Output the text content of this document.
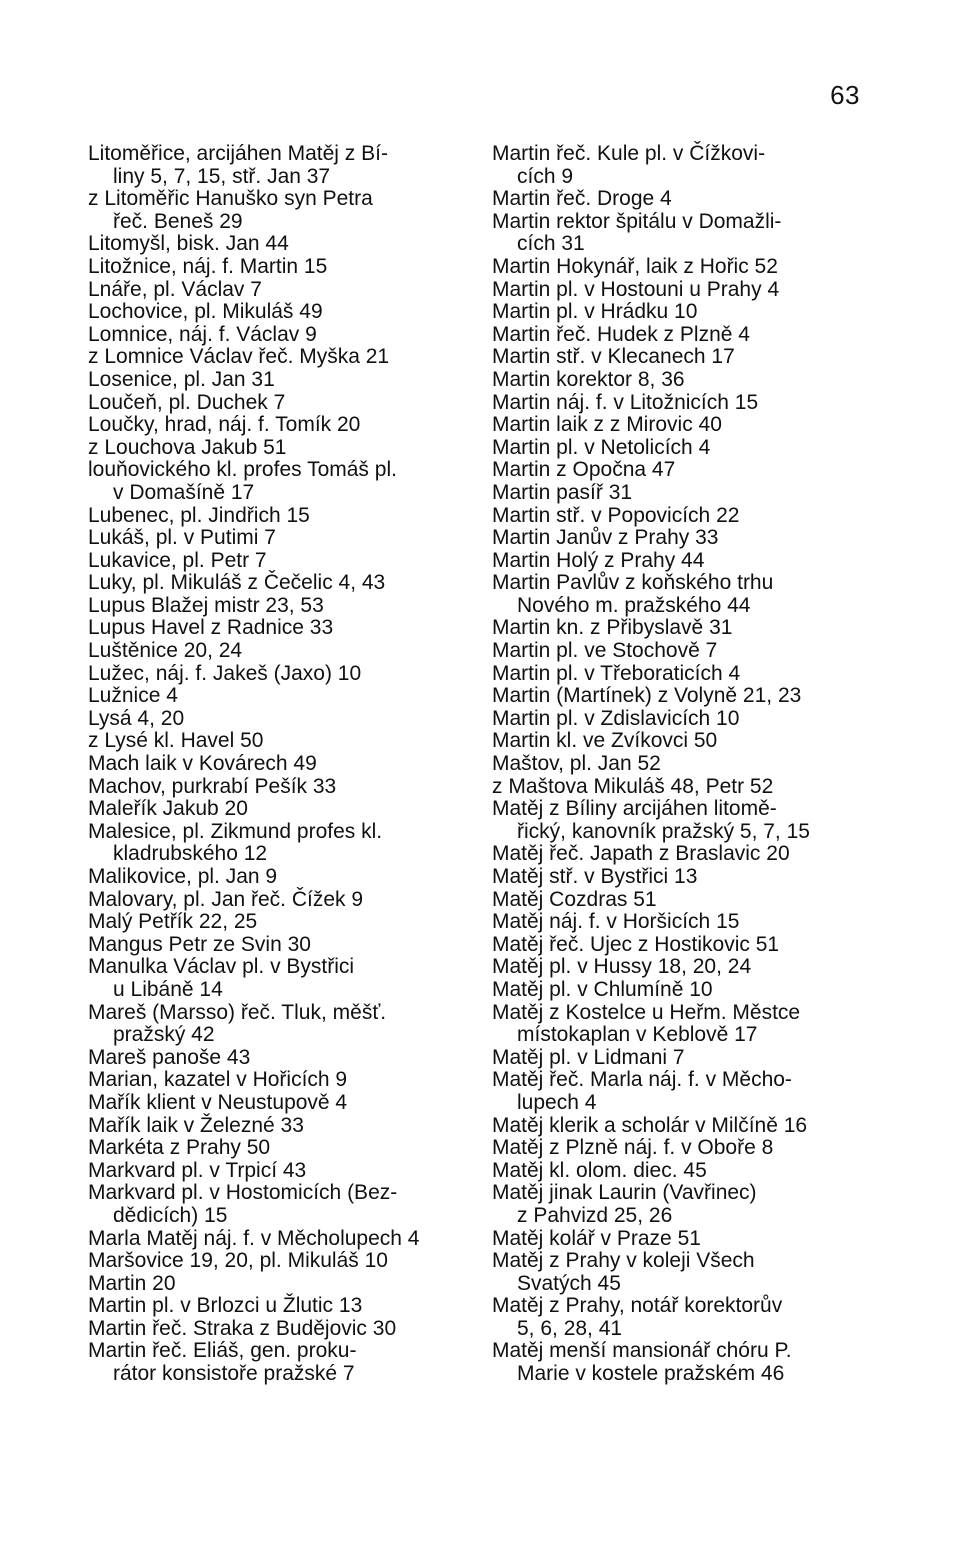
63
Litoměřice, arcijáhen Matěj z Bí-
liny 5, 7, 15, stř. Jan 37
z Litoměřic Hanuško syn Petra
řeč. Beneš 29
Litomyšl, bisk. Jan 44
Litožnice, náj. f. Martin 15
Lnáře, pl. Václav 7
Lochovice, pl. Mikuláš 49
Lomnice, náj. f. Václav 9
z Lomnice Václav řeč. Myška 21
Losenice, pl. Jan 31
Loučeň, pl. Duchek 7
Loučky, hrad, náj. f. Tomík 20
z Louchova Jakub 51
louňovického kl. profes Tomáš pl.
v Domašíně 17
Lubenec, pl. Jindřich 15
Lukáš, pl. v Putimi 7
Lukavice, pl. Petr 7
Luky, pl. Mikuláš z Čečelic 4, 43
Lupus Blažej mistr 23, 53
Lupus Havel z Radnice 33
Luštěnice 20, 24
Lužec, náj. f. Jakeš (Jaxo) 10
Lužnice 4
Lysá 4, 20
z Lysé kl. Havel 50
Mach laik v Kovárech 49
Machov, purkrabí Pešík 33
Maleřík Jakub 20
Malesice, pl. Zikmund profes kl.
kladrubského 12
Malikovice, pl. Jan 9
Malovary, pl. Jan řeč. Čížek 9
Malý Petřík 22, 25
Mangus Petr ze Svin 30
Manulka Václav pl. v Bystřici
u Libáně 14
Mareš (Marsso) řeč. Tluk, měšť.
pražský 42
Mareš panoše 43
Marian, kazatel v Hořicích 9
Mařík klient v Neustupově 4
Mařík laik v Železné 33
Markéta z Prahy 50
Markvard pl. v Trpicí 43
Markvard pl. v Hostomicích (Bez-
dědicích) 15
Marla Matěj náj. f. v Měcholupech 4
Maršovice 19, 20, pl. Mikuláš 10
Martin 20
Martin pl. v Brlozci u Žlutic 13
Martin řeč. Straka z Budějovic 30
Martin řeč. Eliáš, gen. proku-
rátor konsistoře pražské 7
Martin řeč. Kule pl. v Čížkovi-
cích 9
Martin řeč. Droge 4
Martin rektor špitálu v Domažli-
cích 31
Martin Hokynář, laik z Hořic 52
Martin pl. v Hostouni u Prahy 4
Martin pl. v Hrádku 10
Martin řeč. Hudek z Plzně 4
Martin stř. v Klecanech 17
Martin korektor 8, 36
Martin náj. f. v Litožnicích 15
Martin laik z z Mirovic 40
Martin pl. v Netolicích 4
Martin z Opočna 47
Martin pasíř 31
Martin stř. v Popovicích 22
Martin Janův z Prahy 33
Martin Holý z Prahy 44
Martin Pavlův z koňského trhu
Nového m. pražského 44
Martin kn. z Přibyslavě 31
Martin pl. ve Stochově 7
Martin pl. v Třeboraticích 4
Martin (Martínek) z Volyně 21, 23
Martin pl. v Zdislavicích 10
Martin kl. ve Zvíkovci 50
Maštov, pl. Jan 52
z Maštova Mikuláš 48, Petr 52
Matěj z Bíliny arcijáhen litomě-
řický, kanovník pražský 5, 7, 15
Matěj řeč. Japath z Braslavic 20
Matěj stř. v Bystřici 13
Matěj Cozdras 51
Matěj náj. f. v Horšicích 15
Matěj řeč. Ujec z Hostikovic 51
Matěj pl. v Hussy 18, 20, 24
Matěj pl. v Chlumíně 10
Matěj z Kostelce u Heřm. Městce
místokaplan v Keblově 17
Matěj pl. v Lidmani 7
Matěj řeč. Marla náj. f. v Měcho-
lupech 4
Matěj klerik a scholár v Milčíně 16
Matěj z Plzně náj. f. v Oboře 8
Matěj kl. olom. diec. 45
Matěj jinak Laurin (Vavřinec)
z Pahvizd 25, 26
Matěj kolář v Praze 51
Matěj z Prahy v koleji Všech
Svatých 45
Matěj z Prahy, notář korektorův
5, 6, 28, 41
Matěj menší mansionář chóru P.
Marie v kostele pražském 46
